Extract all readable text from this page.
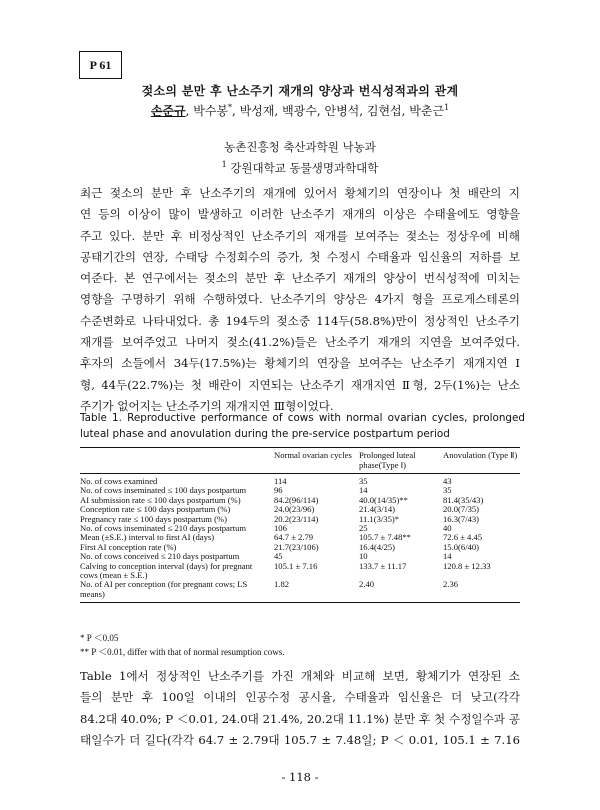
P 61
젖소의 분만 후 난소주기 재개의 양상과 번식성적과의 관계
손준규, 박수봉*, 박성재, 백광수, 안병석, 김현섭, 박춘근$^1$
농촌진흥청 축산과학원 낙농과
$^1$ 강원대학교 동물생명과학대학
최근 젖소의 분만 후 난소주기의 재개에 있어서 황체기의 연장이나 첫 배란의 지
연 등의 이상이 많이 발생하고 이러한 난소주기 재개의 이상은 수태율에도 영향을
주고 있다. 분만 후 비정상적인 난소주기의 재개를 보여주는 젖소는 정상우에 비해
공태기간의 연장, 수태당 수정회수의 증가, 첫 수정시 수태율과 임신율의 저하를 보
여준다. 본 연구에서는 젖소의 분만 후 난소주기 재개의 양상이 번식성적에 미치는
영향을 구명하기 위해 수행하였다. 난소주기의 양상은 4가지 형을 프로게스테론의
수준변화로 나타내었다. 총 194두의 젖소중 114두(58.8%)만이 정상적인 난소주기
재개를 보여주었고 나머지 젖소(41.2%)들은 난소주기 재개의 지연을 보여주었다.
후자의 소들에서 34두(17.5%)는 황체기의 연장을 보여주는 난소주기 재개지연 Ⅰ
형, 44두(22.7%)는 첫 배란이 지연되는 난소주기 재개지연 Ⅱ형, 2두(1%)는 난소
주기가 없어지는 난소주기의 재개지연 Ⅲ형이었다.
Table 1. Reproductive performance of cows with normal ovarian cycles, prolonged
luteal phase and anovulation during the pre-service postpartum period
	Normal ovarian cycles	Prolonged luteal phase(Type Ⅰ)	Anovulation (Type Ⅱ)
No. of cows examined	114	35	43
No. of cows inseminated ≤ 100 days postpartum	96	14	35
AI submission rate ≤ 100 days postpartum (%)	84.2(96/114)	40.0(14/35)**	81.4(35/43)
Conception rate ≤ 100 days postpartum (%)	24.0(23/96)	21.4(3/14)	20.0(7/35)
Pregnancy rate ≤ 100 days postpartum (%)	20.2(23/114)	11.1(3/35)*	16.3(7/43)
No. of cows inseminated ≤ 210 days postpartum	106	25	40
Mean (±S.E.) interval to first AI (days)	64.7 ± 2.79	105.7 ± 7.48**	72.6 ± 4.45
First AI conception rate (%)	21.7(23/106)	16.4(4/25)	15.0(6/40)
No. of cows conceived ≤ 210 days postpartum	45	10	14
Calving to conception interval (days) for pregnant cows (mean ± S.E.)	105.1 ± 7.16	133.7 ± 11.17	120.8 ± 12.33
No. of AI per conception (for pregnant cows; LS means)	1.82	2.40	2.36
* P ＜0.05
** P ＜0.01, differ with that of normal resumption cows.
Table 1에서 정상적인 난소주기를 가진 개체와 비교해 보면, 황체기가 연장된 소
들의 분만 후 100일 이내의 인공수정 공시율, 수태율과 임신율은 더 낮고(각각
84.2대 40.0%; P ＜0.01, 24.0대 21.4%, 20.2대 11.1%) 분만 후 첫 수정일수과 공
태일수가 더 길다(각각 64.7 ± 2.79대 105.7 ± 7.48일; P ＜ 0.01, 105.1 ± 7.16
- 118 -
